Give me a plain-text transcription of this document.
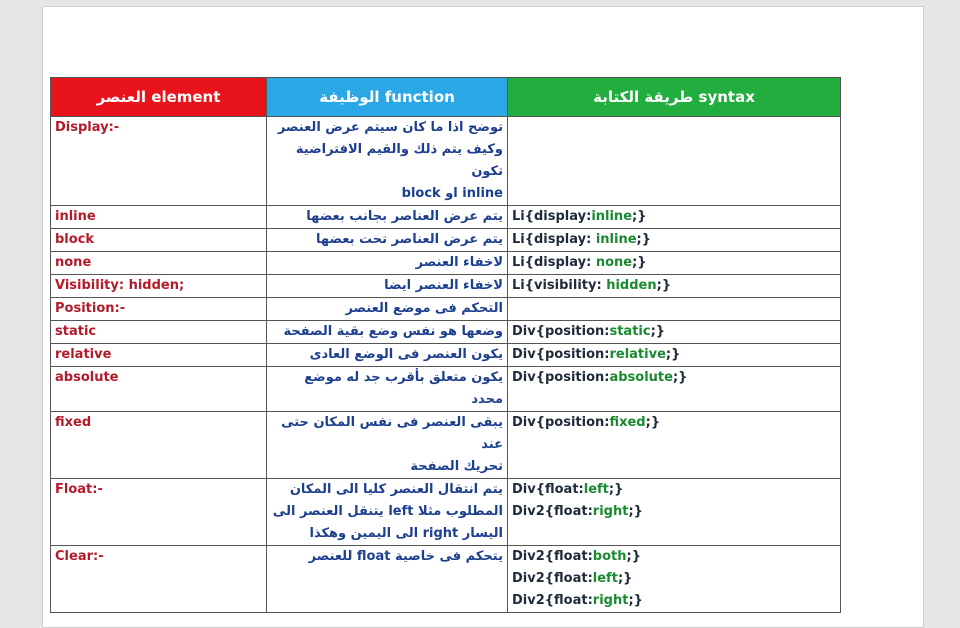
العنصر element	الوظيفة function	طريقة الكتابة syntax
Display:-	توضح اذا ما كان سيتم عرض العنصر
وكيف يتم ذلك والقيم الافتراضية تكون
inline او block	

inline	يتم عرض العناصر بجانب بعضها	Li{display:inline;}

block	يتم عرض العناصر تحت بعضها	Li{display: inline;}

none	لاخفاء العنصر	Li{display: none;}

Visibility: hidden;	لاخفاء العنصر ايضا	Li{visibility: hidden;}

Position:-	التحكم فى موضع العنصر	

static	وضعها هو نفس وضع بقية الصفحة	Div{position:static;}

relative	يكون العنصر فى الوضع العادى	Div{position:relative;}

absolute	يكون متعلق بأقرب جد له موضع محدد	Div{position:absolute;}

fixed	يبقى العنصر فى نفس المكان حتى عند
تحريك الصفحة	Div{position:fixed;}

Float:-	يتم انتقال العنصر كليا الى المكان
المطلوب مثلا left يتنقل العنصر الى
اليسار right الى اليمين وهكذا	Div{float:left;}
Div2{float:right;}

Clear:-	يتحكم فى خاصية float للعنصر	Div2{float:both;}
Div2{float:left;}
Div2{float:right;}
